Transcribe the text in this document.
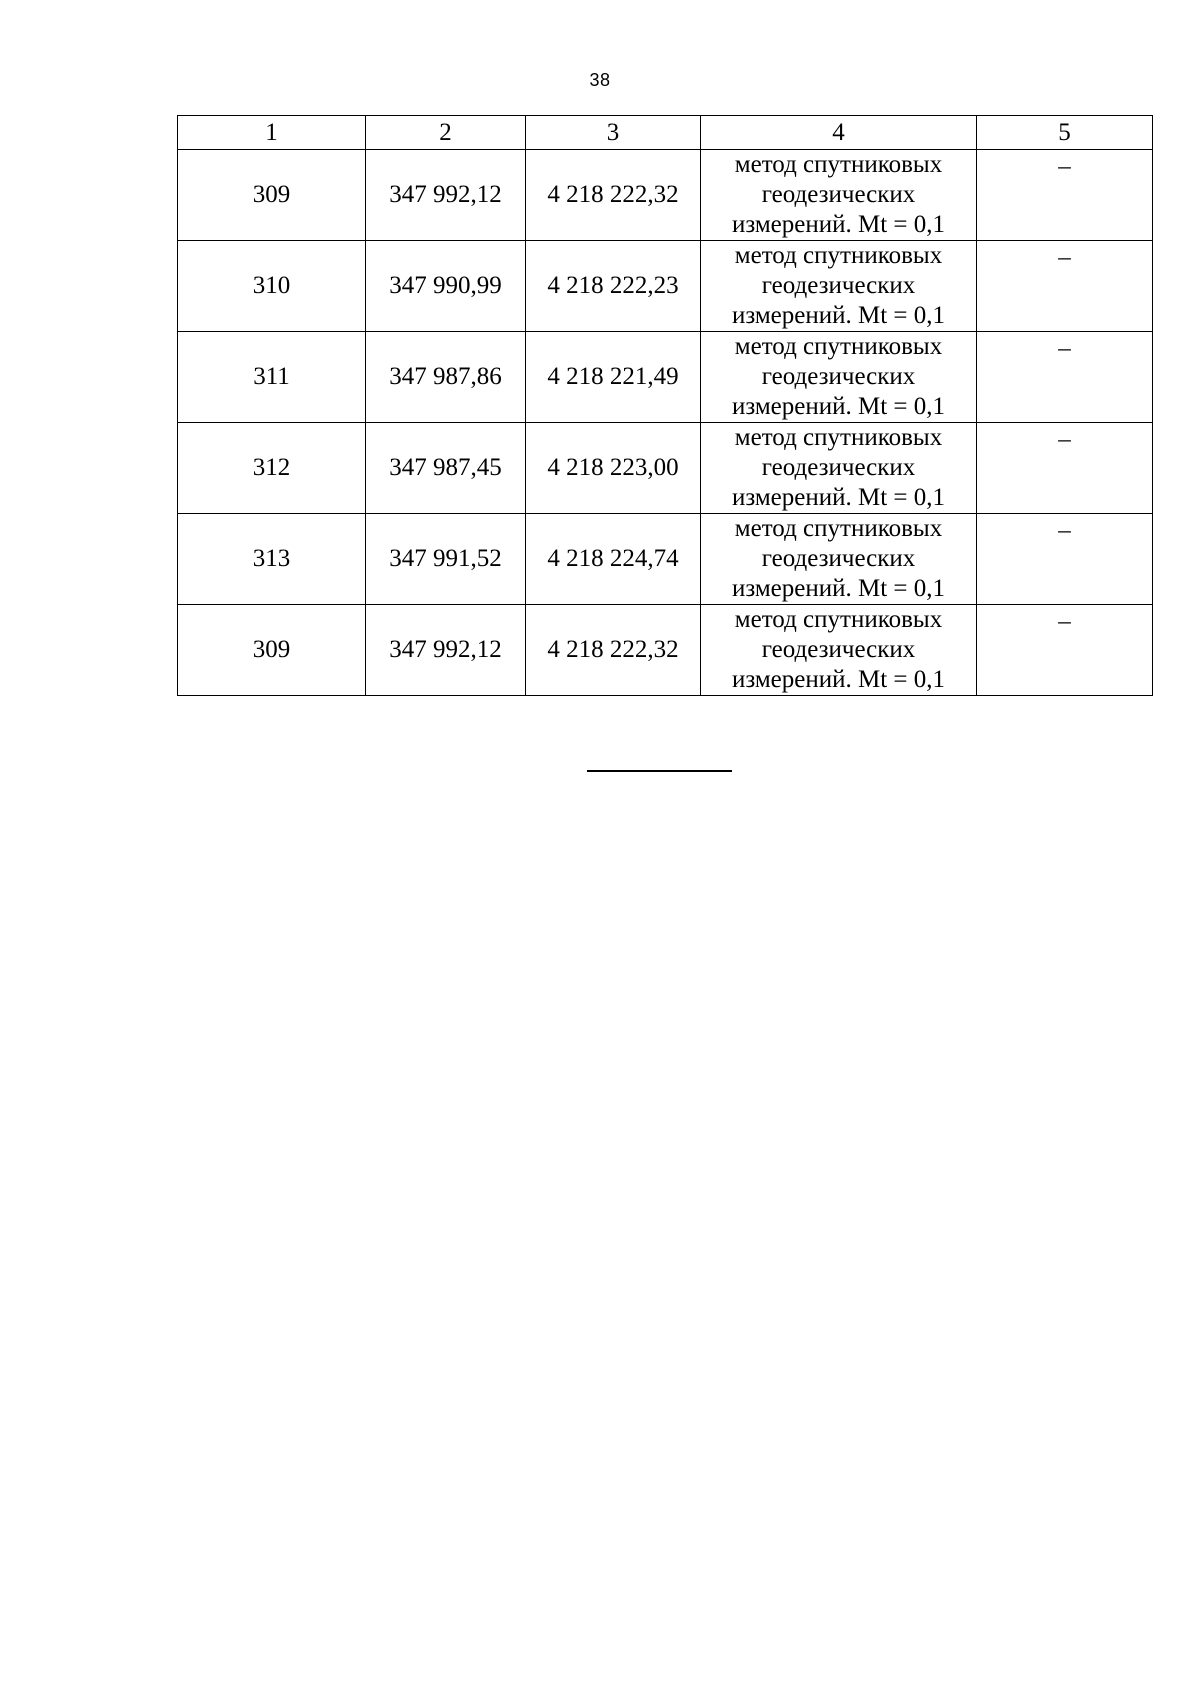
38
1	2	3	4	5
309	347 992,12	4 218 222,32	метод спутниковых
геодезических
измерений. Mt = 0,1	–
310	347 990,99	4 218 222,23	метод спутниковых
геодезических
измерений. Mt = 0,1	–
311	347 987,86	4 218 221,49	метод спутниковых
геодезических
измерений. Mt = 0,1	–
312	347 987,45	4 218 223,00	метод спутниковых
геодезических
измерений. Mt = 0,1	–
313	347 991,52	4 218 224,74	метод спутниковых
геодезических
измерений. Mt = 0,1	–
309	347 992,12	4 218 222,32	метод спутниковых
геодезических
измерений. Mt = 0,1	–
